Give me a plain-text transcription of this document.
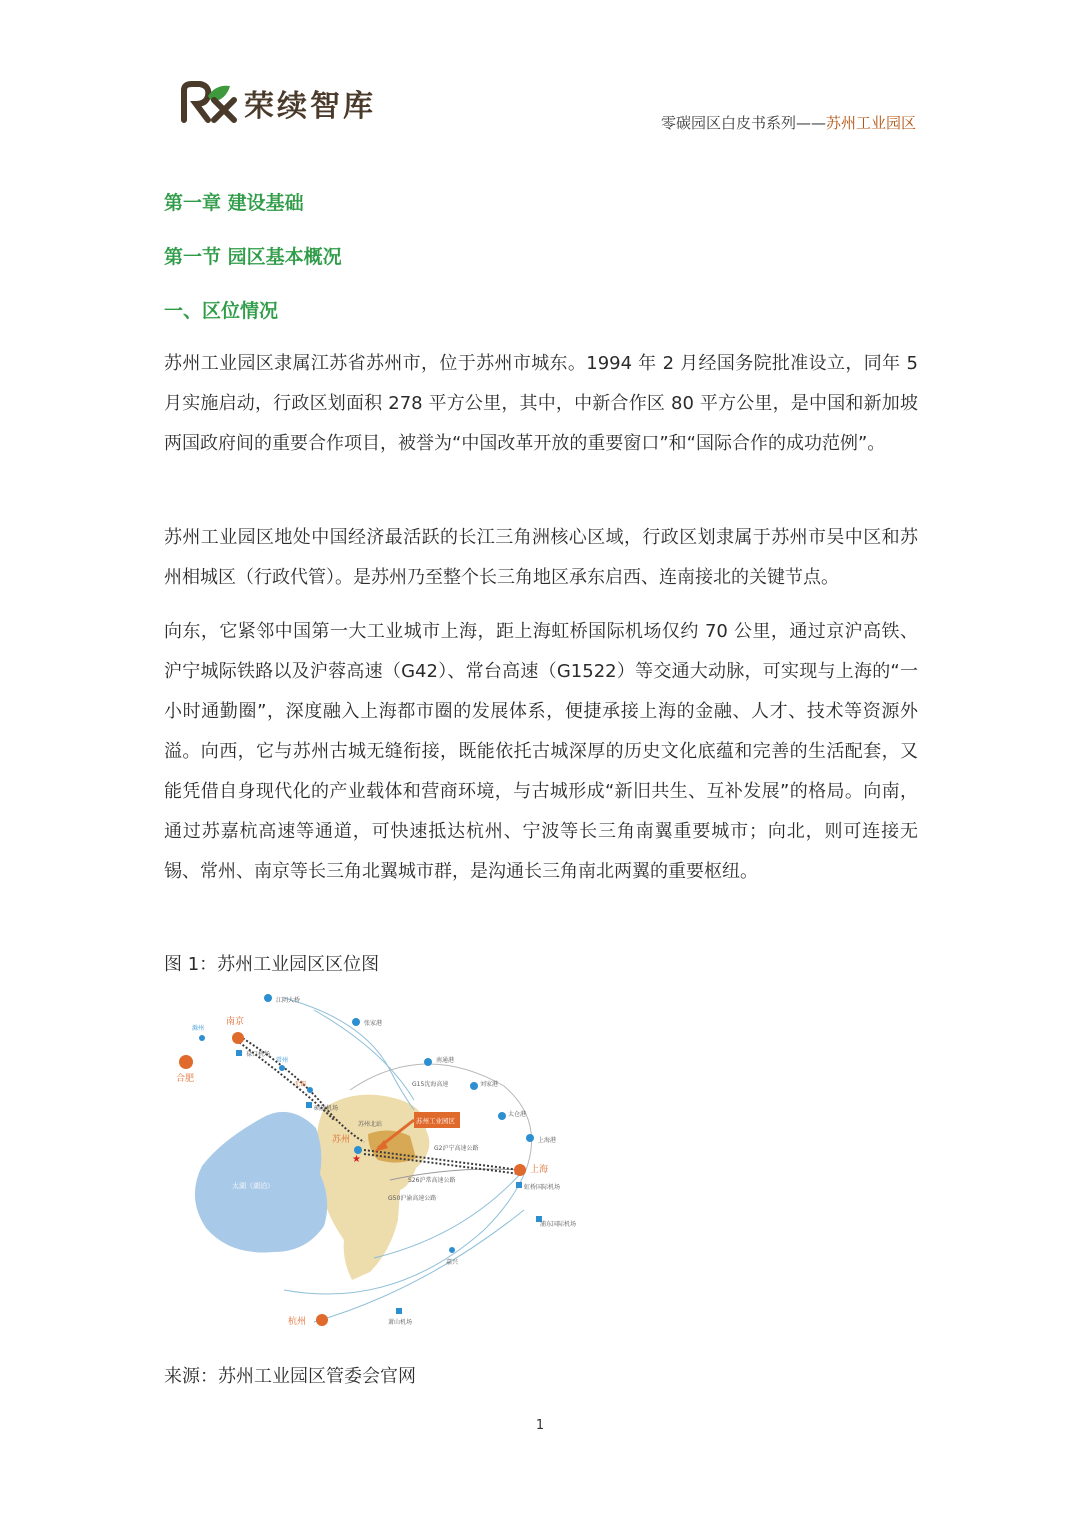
荣续智库	零碳园区白皮书系列——苏州工业园区
第一章 建设基础
第一节 园区基本概况
一、区位情况
苏州工业园区隶属江苏省苏州市，位于苏州市城东。1994 年 2 月经国务院批准设立，同年 5 月实施启动，行政区划面积 278 平方公里，其中，中新合作区 80 平方公里，是中国和新加坡两国政府间的重要合作项目，被誉为“中国改革开放的重要窗口”和“国际合作的成功范例”。
苏州工业园区地处中国经济最活跃的长江三角洲核心区域，行政区划隶属于苏州市吴中区和苏州相城区（行政代管）。是苏州乃至整个长三角地区承东启西、连南接北的关键节点。
向东，它紧邻中国第一大工业城市上海，距上海虹桥国际机场仅约 70 公里，通过京沪高铁、沪宁城际铁路以及沪蓉高速（G42）、常台高速（G1522）等交通大动脉，可实现与上海的“一小时通勤圈”，深度融入上海都市圈的发展体系，便捷承接上海的金融、人才、技术等资源外溢。向西，它与苏州古城无缝衔接，既能依托古城深厚的历史文化底蕴和完善的生活配套，又能凭借自身现代化的产业载体和营商环境，与古城形成“新旧共生、互补发展”的格局。向南，通过苏嘉杭高速等通道，可快速抵达杭州、宁波等长三角南翼重要城市；向北，则可连接无锡、常州、南京等长三角北翼城市群，是沟通长三角南北两翼的重要枢纽。
图 1：苏州工业园区区位图
苏州工业园区
南京
合肥
滁州
上海
杭州
苏州
★
常州
无锡
嘉兴
禄口机场
硕放机场
虹桥国际机场
浦东国际机场
萧山机场
江阴大桥
张家港
南通港
刘家港
太仓港
上海港
G15沈海高速
G2沪宁高速公路
S26沪常高速公路
G50沪渝高速公路
苏州北站
太湖（湖泊）
来源：苏州工业园区管委会官网
1
